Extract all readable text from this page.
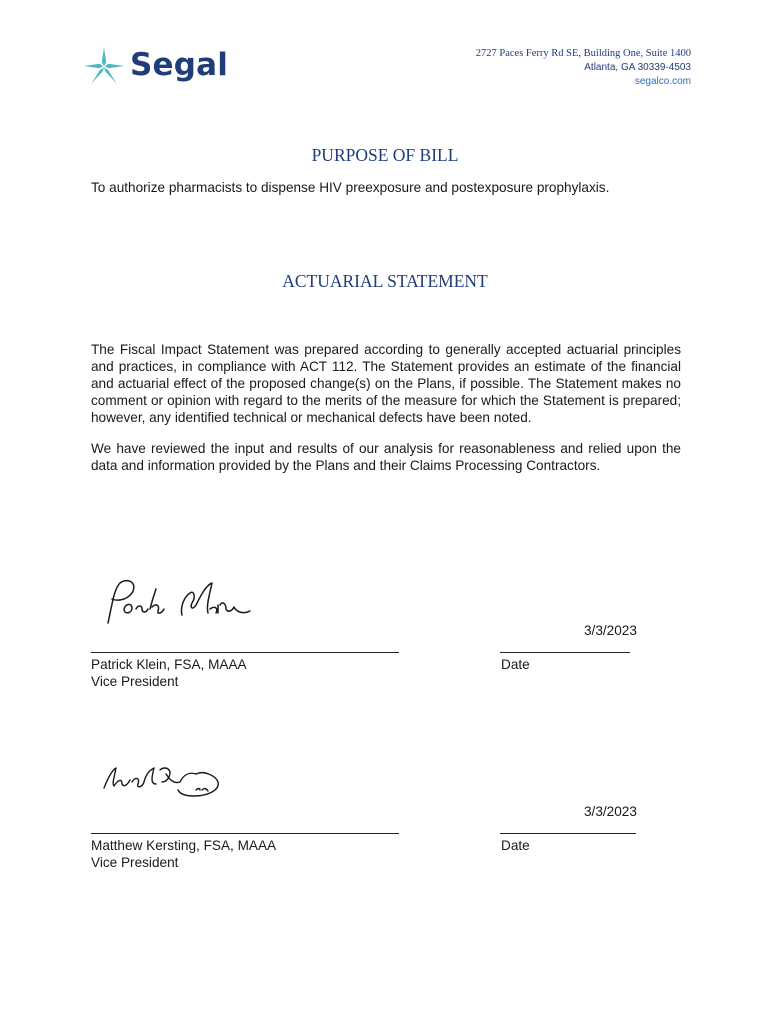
Segal	2727 Paces Ferry Rd SE, Building One, Suite 1400
Atlanta, GA 30339-4503
segalco.com
PURPOSE OF BILL
To authorize pharmacists to dispense HIV preexposure and postexposure prophylaxis.
ACTUARIAL STATEMENT
The Fiscal Impact Statement was prepared according to generally accepted actuarial principles and practices, in compliance with ACT 112. The Statement provides an estimate of the financial and actuarial effect of the proposed change(s) on the Plans, if possible. The Statement makes no comment or opinion with regard to the merits of the measure for which the Statement is prepared; however, any identified technical or mechanical defects have been noted.
We have reviewed the input and results of our analysis for reasonableness and relied upon the data and information provided by the Plans and their Claims Processing Contractors.
3/3/2023
Patrick Klein, FSA, MAAA
Vice President
Date
3/3/2023
Matthew Kersting, FSA, MAAA
Vice President
Date
